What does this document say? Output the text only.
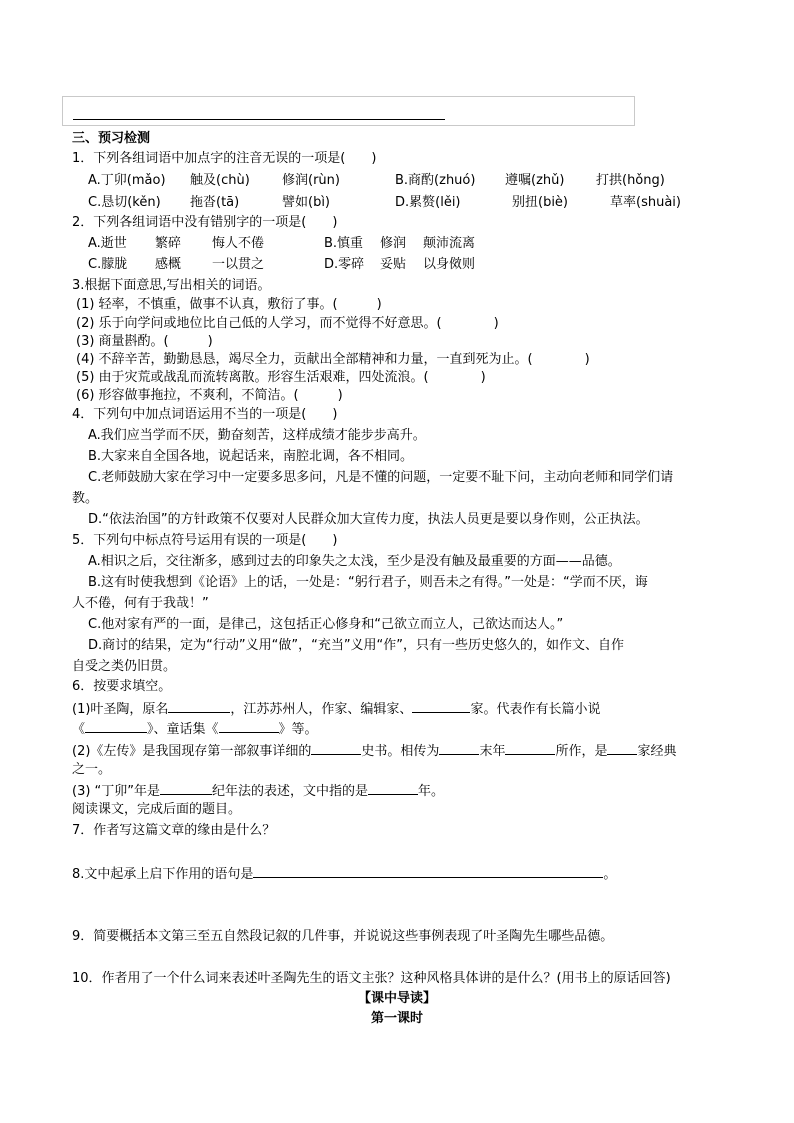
三、预习检测
1．下列各组词语中加点字的注音无误的一项是(　　)
A.丁卯(mǎo) 触及(chù) 修润(rùn)	B.商酌(zhuó) 遵嘱(zhǔ) 打拱(hǒng)
C.恳切(kěn) 拖沓(tā)	譬如(bì)	D.累赘(lěi)	别扭(biè)	草率(shuài)
2．下列各组词语中没有错别字的一项是(　　)
A.逝世 繁碎 悔人不倦	B.慎重 修润 颠沛流离
C.朦胧 感概 一以贯之	D.零碎 妥贴 以身傚则
3.根据下面意思,写出相关的词语。
(1) 轻率，不慎重，做事不认真，敷衍了事。(　　　)
(2) 乐于向学问或地位比自己低的人学习，而不觉得不好意思。(　　　　)
(3) 商量斟酌。(　　　)
(4) 不辞辛苦，勤勤恳恳，竭尽全力，贡献出全部精神和力量，一直到死为止。(　　　　)
(5) 由于灾荒或战乱而流转离散。形容生活艰难，四处流浪。(　　　　)
(6) 形容做事拖拉，不爽利，不简洁。(　　　)
4．下列句中加点词语运用不当的一项是(　　)
A.我们应当学而不厌，勤奋刻苦，这样成绩才能步步高升。
B.大家来自全国各地，说起话来，南腔北调，各不相同。
C.老师鼓励大家在学习中一定要多思多问，凡是不懂的问题，一定要不耻下问，主动向老师和同学们请
教。
D.“依法治国”的方针政策不仅要对人民群众加大宣传力度，执法人员更是要以身作则，公正执法。
5．下列句中标点符号运用有误的一项是(　　)
A.相识之后，交往渐多，感到过去的印象失之太浅，至少是没有触及最重要的方面——品德。
B.这有时使我想到《论语》上的话，一处是：“躬行君子，则吾未之有得。”一处是：“学而不厌，诲
人不倦，何有于我哉！”
C.他对家有严的一面，是律己，这包括正心修身和“己欲立而立人，己欲达而达人。”
D.商讨的结果，定为“行动”义用“做”，“充当”义用“作”，只有一些历史悠久的，如作文、自作
自受之类仍旧贯。
6．按要求填空。
(1)叶圣陶，原名	，江苏苏州人，作家、编辑家、	家。代表作有长篇小说
《	》、童话集《	》等。
(2)《左传》是我国现存第一部叙事详细的	史书。相传为	末年	所作，是 家经典
之一。
(3) “丁卯”年是	纪年法的表述，文中指的是	年。
阅读课文，完成后面的题目。
7．作者写这篇文章的缘由是什么？
8.文中起承上启下作用的语句是	。
9．简要概括本文第三至五自然段记叙的几件事，并说说这些事例表现了叶圣陶先生哪些品德。
10．作者用了一个什么词来表述叶圣陶先生的语文主张？这种风格具体讲的是什么？(用书上的原话回答)
【课中导读】
第一课时
